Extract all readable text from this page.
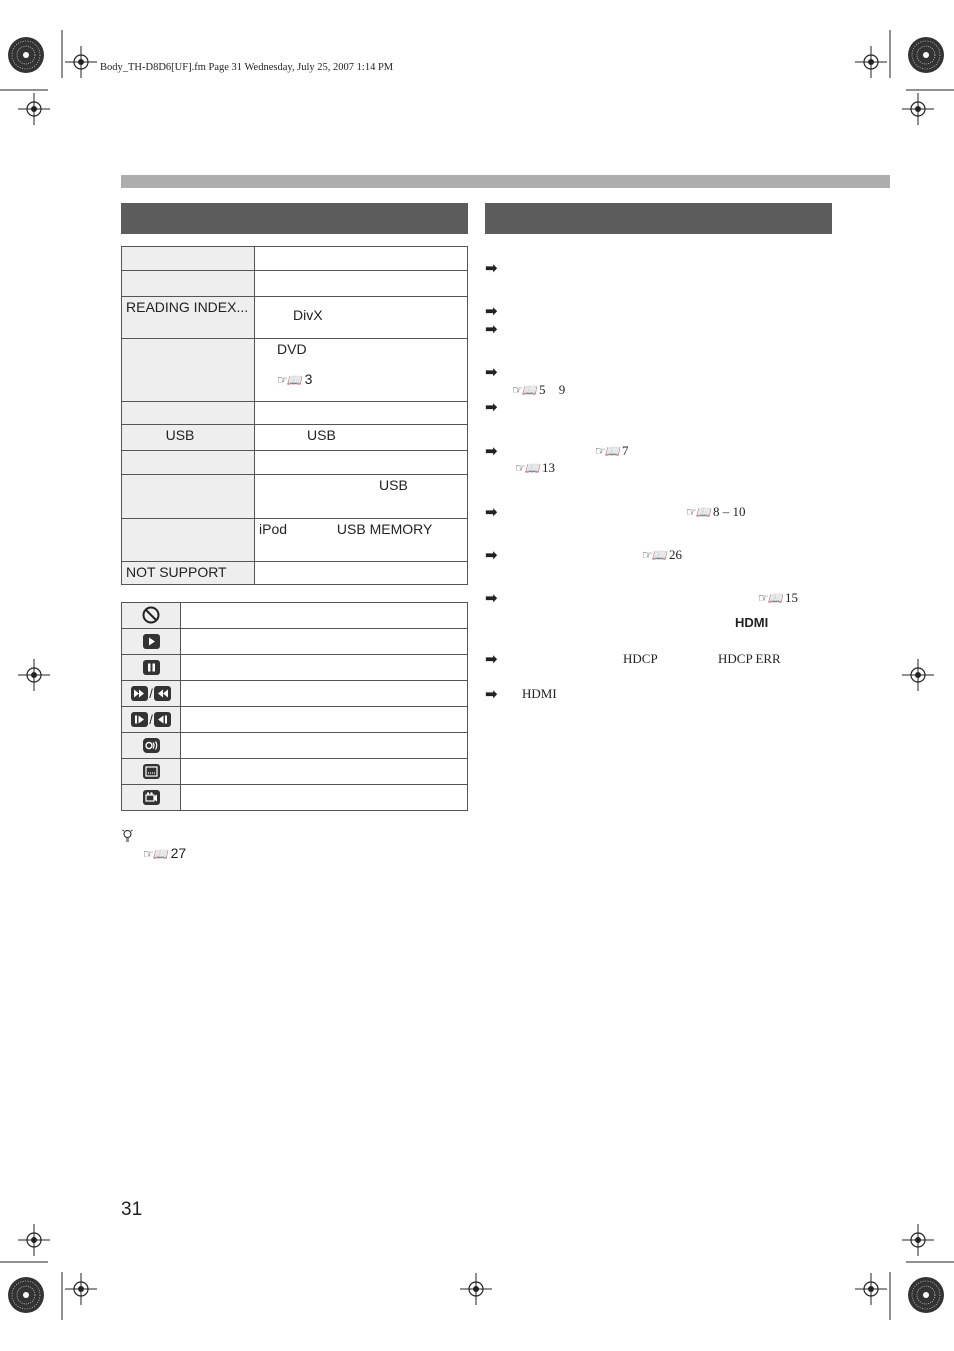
Body_TH-D8D6[UF].fm Page 31 Wednesday, July 25, 2007 1:14 PM

READING INDEX...	DivX

	DVD
☞📖 3

USB	USB

	USB
	iPod USB MEMORY
NOT SUPPORT	

/	
/	

☞📖 27
➡
➡
➡
➡
➡
➡
➡
➡
➡
➡
➡
☞📖 5 9
☞📖 7
☞📖 13
☞📖 8 – 10
☞📖 26
☞📖 15
HDMI
HDCP	HDCP ERR
HDMI
31
